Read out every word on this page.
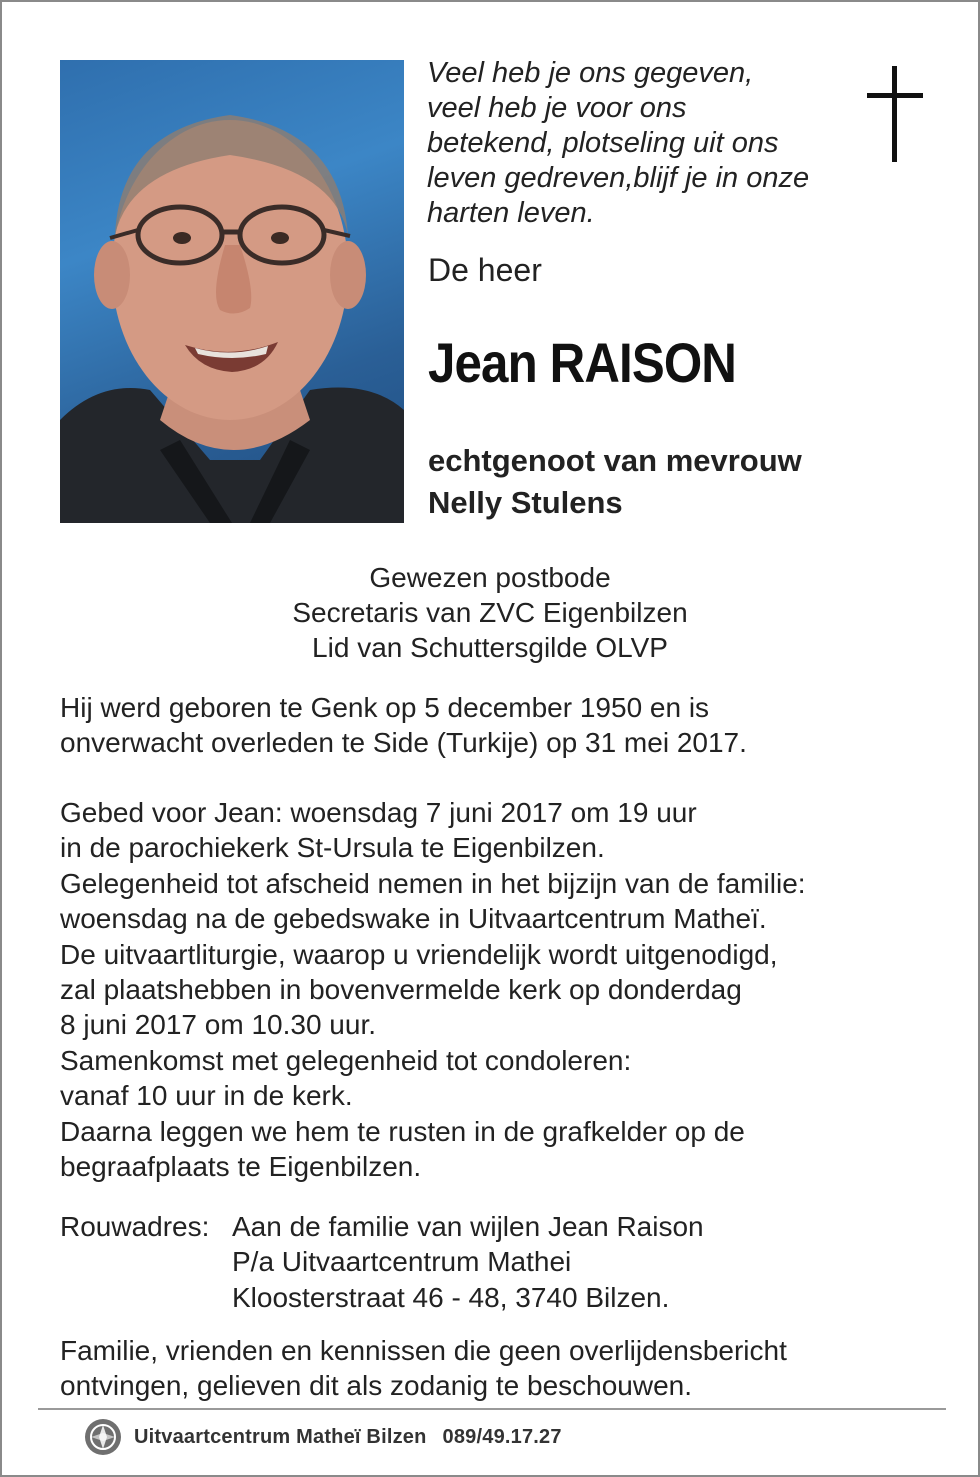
Veel heb je ons gegeven,
veel heb je voor ons
betekend, plotseling uit ons
leven gedreven,blijf je in onze
harten leven.
De heer
Jean RAISON
echtgenoot van mevrouw
Nelly Stulens
Gewezen postbode
Secretaris van ZVC Eigenbilzen
Lid van Schuttersgilde OLVP
Hij werd geboren te Genk op 5 december 1950 en is
onverwacht overleden te Side (Turkije) op 31 mei 2017.
Gebed voor Jean: woensdag 7 juni 2017 om 19 uur
in de parochiekerk St-Ursula te Eigenbilzen.
Gelegenheid tot afscheid nemen in het bijzijn van de familie:
woensdag na de gebedswake in Uitvaartcentrum Matheï.
De uitvaartliturgie, waarop u vriendelijk wordt uitgenodigd,
zal plaatshebben in bovenvermelde kerk op donderdag
8 juni 2017 om 10.30 uur.
Samenkomst met gelegenheid tot condoleren:
vanaf 10 uur in de kerk.
Daarna leggen we hem te rusten in de grafkelder op de
begraafplaats te Eigenbilzen.
Rouwadres: Aan de familie van wijlen Jean Raison
P/a Uitvaartcentrum Mathei
Kloosterstraat 46 - 48, 3740 Bilzen.
Familie, vrienden en kennissen die geen overlijdensbericht
ontvingen, gelieven dit als zodanig te beschouwen.
Uitvaartcentrum Matheï Bilzen 089/49.17.27
